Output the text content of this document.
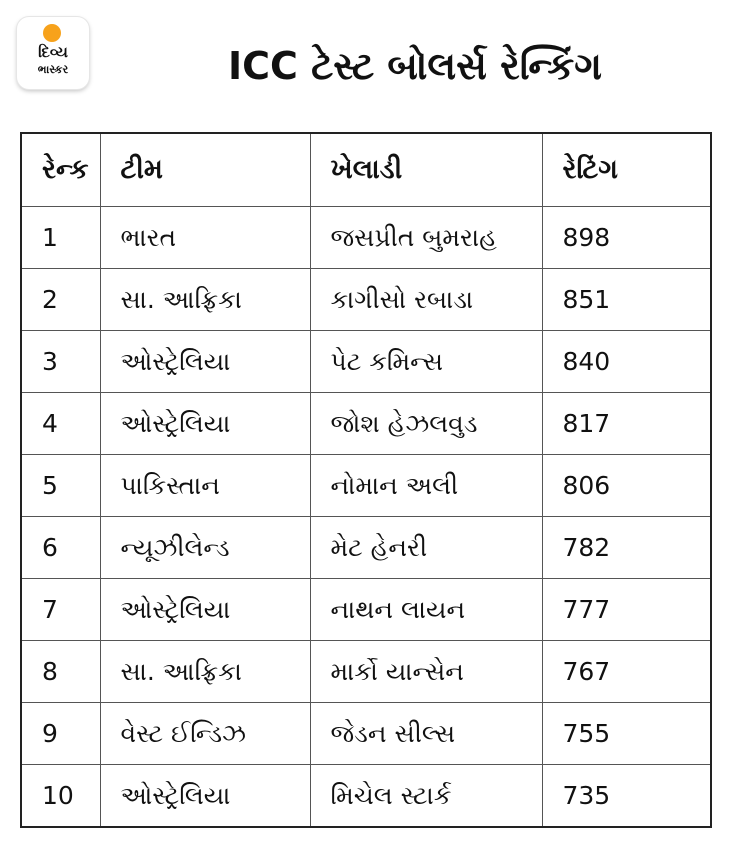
દિવ્ય
ભાસ્કર	ICC ટેસ્ટ બોલર્સ રેન્કિંગ
રેન્ક	ટીમ	ખેલાડી	રેટિંગ
1	ભારત	જસપ્રીત બુમરાહ	898
2	સા. આફ્રિકા	કાગીસો રબાડા	851
3	ઓસ્ટ્રેલિયા	પેટ કમિન્સ	840
4	ઓસ્ટ્રેલિયા	જોશ હેઝલવુડ	817
5	પાકિસ્તાન	નોમાન અલી	806
6	ન્યૂઝીલેન્ડ	મેટ હેનરી	782
7	ઓસ્ટ્રેલિયા	નાથન લાયન	777
8	સા. આફ્રિકા	માર્કો યાન્સેન	767
9	વેસ્ટ ઈન્ડિઝ	જેડન સીલ્સ	755
10	ઓસ્ટ્રેલિયા	મિચેલ સ્ટાર્ક	735
